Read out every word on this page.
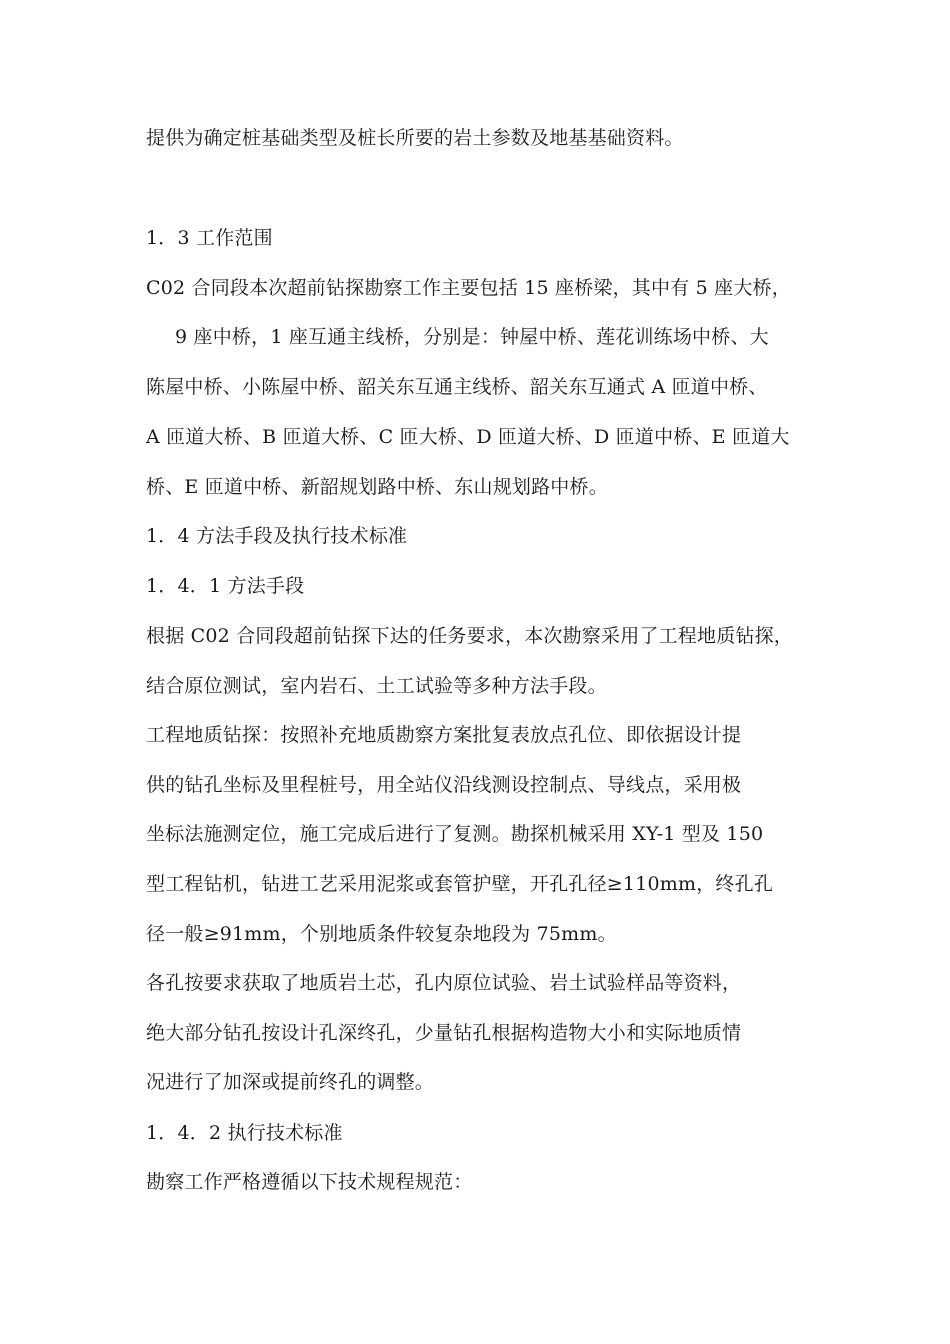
提供为确定桩基础类型及桩长所要的岩土参数及地基基础资料。
1．3 工作范围
C02 合同段本次超前钻探勘察工作主要包括 15 座桥梁，其中有 5 座大桥，
9 座中桥，1 座互通主线桥，分别是：钟屋中桥、莲花训练场中桥、大
陈屋中桥、小陈屋中桥、韶关东互通主线桥、韶关东互通式 A 匝道中桥、
A 匝道大桥、B 匝道大桥、C 匝大桥、D 匝道大桥、D 匝道中桥、E 匝道大
桥、E 匝道中桥、新韶规划路中桥、东山规划路中桥。
1．4 方法手段及执行技术标准
1．4．1 方法手段
根据 C02 合同段超前钻探下达的任务要求，本次勘察采用了工程地质钻探，
结合原位测试，室内岩石、土工试验等多种方法手段。
工程地质钻探：按照补充地质勘察方案批复表放点孔位、即依据设计提
供的钻孔坐标及里程桩号，用全站仪沿线测设控制点、导线点，采用极
坐标法施测定位，施工完成后进行了复测。勘探机械采用 XY-1 型及 150
型工程钻机，钻进工艺采用泥浆或套管护壁，开孔孔径≥110mm，终孔孔
径一般≥91mm，个别地质条件较复杂地段为 75mm。
各孔按要求获取了地质岩土芯，孔内原位试验、岩土试验样品等资料，
绝大部分钻孔按设计孔深终孔，少量钻孔根据构造物大小和实际地质情
况进行了加深或提前终孔的调整。
1．4．2 执行技术标准
勘察工作严格遵循以下技术规程规范：
